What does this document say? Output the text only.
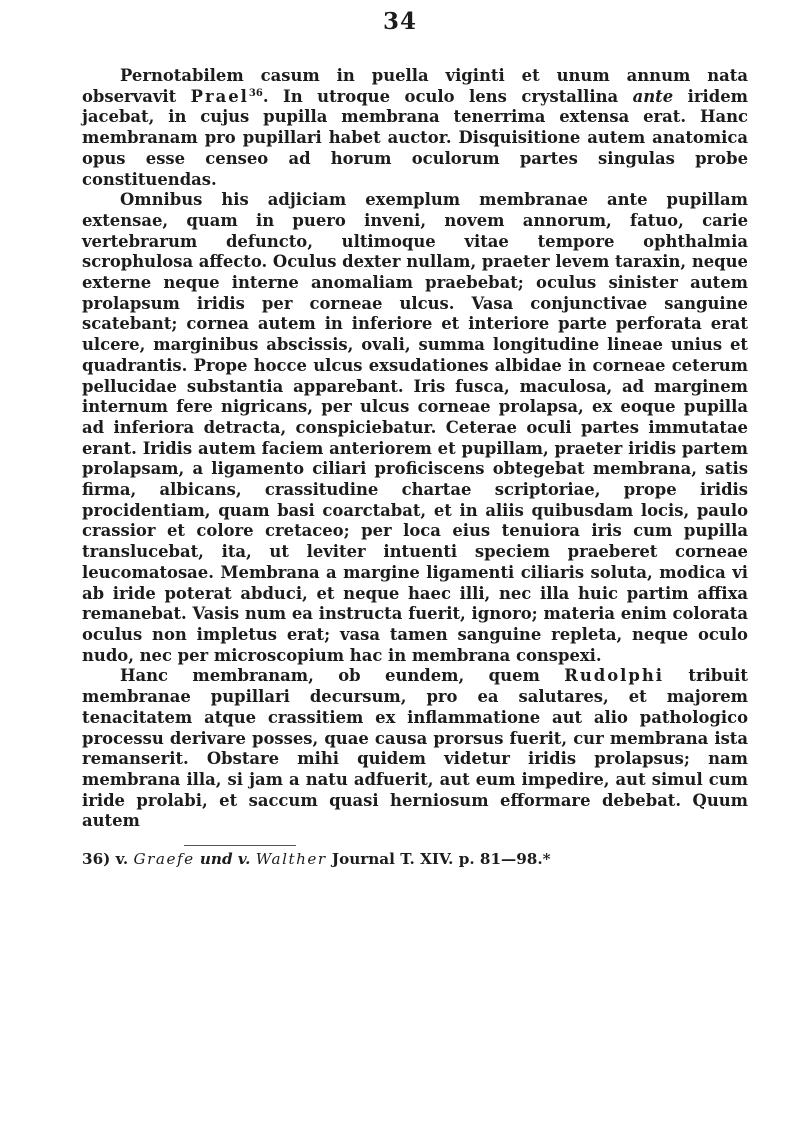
34

Pernotabilem casum in puella viginti et unum annum nata observavit Prael$^{36}$. In utroque oculo lens crystallina ante iridem jacebat, in cujus pupilla membrana tenerrima extensa erat. Hanc membranam pro pupillari habet auctor. Disquisitione autem anatomica opus esse censeo ad horum oculorum partes singulas probe constituendas.

Omnibus his adjiciam exemplum membranae ante pupillam extensae, quam in puero inveni, novem annorum, fatuo, carie vertebrarum defuncto, ultimoque vitae tempore ophthalmia scrophulosa affecto. Oculus dexter nullam, praeter levem taraxin, neque externe neque interne anomaliam praebebat; oculus sinister autem prolapsum iridis per corneae ulcus. Vasa conjunctivae sanguine scatebant; cornea autem in inferiore et interiore parte perforata erat ulcere, marginibus abscissis, ovali, summa longitudine lineae unius et quadrantis. Prope hocce ulcus exsudationes albidae in corneae ceterum pellucidae substantia apparebant. Iris fusca, maculosa, ad marginem internum fere nigricans, per ulcus corneae prolapsa, ex eoque pupilla ad inferiora detracta, conspiciebatur. Ceterae oculi partes immutatae erant. Iridis autem faciem anteriorem et pupillam, praeter iridis partem prolapsam, a ligamento ciliari proficiscens obtegebat membrana, satis firma, albicans, crassitudine chartae scriptoriae, prope iridis procidentiam, quam basi coarctabat, et in aliis quibusdam locis, paulo crassior et colore cretaceo; per loca eius tenuiora iris cum pupilla translucebat, ita, ut leviter intuenti speciem praeberet corneae leucomatosae. Membrana a margine ligamenti ciliaris soluta, modica vi ab iride poterat abduci, et neque haec illi, nec illa huic partim affixa remanebat. Vasis num ea instructa fuerit, ignoro; materia enim colorata oculus non impletus erat; vasa tamen sanguine repleta, neque oculo nudo, nec per microscopium hac in membrana conspexi.

Hanc membranam, ob eundem, quem Rudolphi tribuit membranae pupillari decursum, pro ea salutares, et majorem tenacitatem atque crassitiem ex inflammatione aut alio pathologico processu derivare posses, quae causa prorsus fuerit, cur membrana ista remanserit. Obstare mihi quidem videtur iridis prolapsus; nam membrana illa, si jam a natu adfuerit, aut eum impedire, aut simul cum iride prolabi, et saccum quasi herniosum efformare debebat. Quum autem

36) v. Graefe und v. Walther Journal T. XIV. p. 81—98.*
